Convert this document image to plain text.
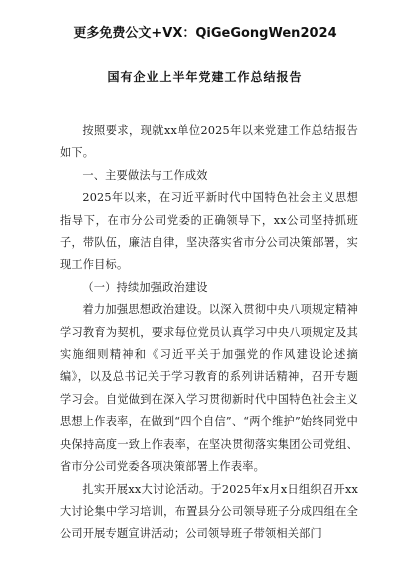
更多免费公文+VX：QiGeGongWen2024
国有企业上半年党建工作总结报告

按照要求，现就xx单位2025年以来党建工作总结报告如下。

一、主要做法与工作成效

2025年以来，在习近平新时代中国特色社会主义思想指导下，在市分公司党委的正确领导下，xx公司坚持抓班子，带队伍，廉洁自律，坚决落实省市分公司决策部署，实现工作目标。

（一）持续加强政治建设

着力加强思想政治建设。以深入贯彻中央八项规定精神学习教育为契机，要求每位党员认真学习中央八项规定及其实施细则精神和《习近平关于加强党的作风建设论述摘编》，以及总书记关于学习教育的系列讲话精神，召开专题学习会。自觉做到在深入学习贯彻新时代中国特色社会主义思想上作表率，在做到“四个自信”、“两个维护”始终同党中央保持高度一致上作表率，在坚决贯彻落实集团公司党组、省市分公司党委各项决策部署上作表率。

扎实开展xx大讨论活动。于2025年x月x日组织召开xx大讨论集中学习培训，布置县分公司领导班子分成四组在全公司开展专题宣讲活动；公司领导班子带领相关部门
